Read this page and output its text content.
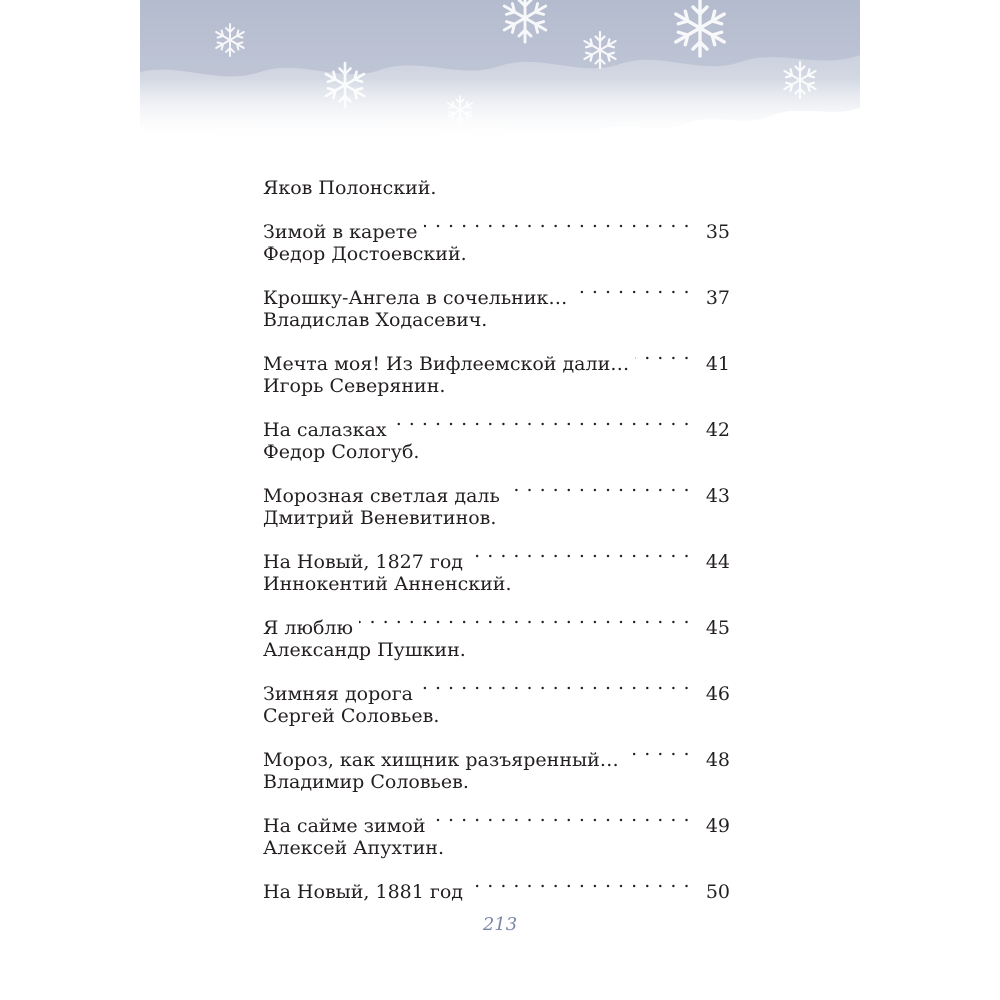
Яков Полонский.
Зимой в карете . . .	35
Федор Достоевский.
Крошку-Ангела в сочельник… . . .	37
Владислав Ходасевич.
Мечта моя! Из Вифлеемской дали… . . .	41
Игорь Северянин.
На салазках . . .	42
Федор Сологуб.
Морозная светлая даль . . .	43
Дмитрий Веневитинов.
На Новый, 1827 год . . .	44
Иннокентий Анненский.
Я люблю . . .	45
Александр Пушкин.
Зимняя дорога . . .	46
Сергей Соловьев.
Мороз, как хищник разъяренный… . . .	48
Владимир Соловьев.
На сайме зимой . . .	49
Алексей Апухтин.
На Новый, 1881 год . . .	50
213
